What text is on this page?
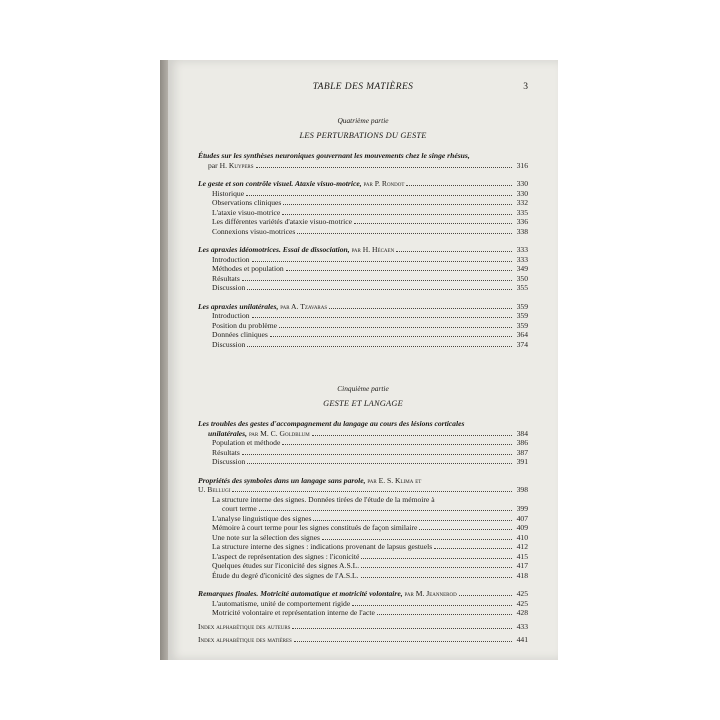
TABLE DES MATIÈRES	3
Quatrième partie
LES PERTURBATIONS DU GESTE
Études sur les synthèses neuroniques gouvernant les mouvements chez le singe rhésus,
par H. Kuypers	316
Le geste et son contrôle visuel. Ataxie visuo-motrice, par P. Rondot	330
Historique	330
Observations cliniques	332
L'ataxie visuo-motrice	335
Les différentes variétés d'ataxie visuo-motrice	336
Connexions visuo-motrices	338
Les apraxies idéomotrices. Essai de dissociation, par H. Hécaen	333
Introduction	333
Méthodes et population	349
Résultats	350
Discussion	355
Les apraxies unilatérales, par A. Tzavaras	359
Introduction	359
Position du problème	359
Données cliniques	364
Discussion	374
Cinquième partie
GESTE ET LANGAGE
Les troubles des gestes d'accompagnement du langage au cours des lésions corticales
unilatérales, par M. C. Goldblum	384
Population et méthode	386
Résultats	387
Discussion	391
Propriétés des symboles dans un langage sans parole, par E. S. Klima et
U. Bellugi	398
La structure interne des signes. Données tirées de l'étude de la mémoire à
court terme	399
L'analyse linguistique des signes	407
Mémoire à court terme pour les signes constitués de façon similaire	409
Une note sur la sélection des signes	410
La structure interne des signes : indications provenant de lapsus gestuels	412
L'aspect de représentation des signes : l'iconicité	415
Quelques études sur l'iconicité des signes A.S.L.	417
Étude du degré d'iconicité des signes de l'A.S.L.	418
Remarques finales. Motricité automatique et motricité volontaire, par M. Jeannerod	425
L'automatisme, unité de comportement rigide	425
Motricité volontaire et représentation interne de l'acte	428
Index alphabétique des auteurs	433
Index alphabétique des matières	441
